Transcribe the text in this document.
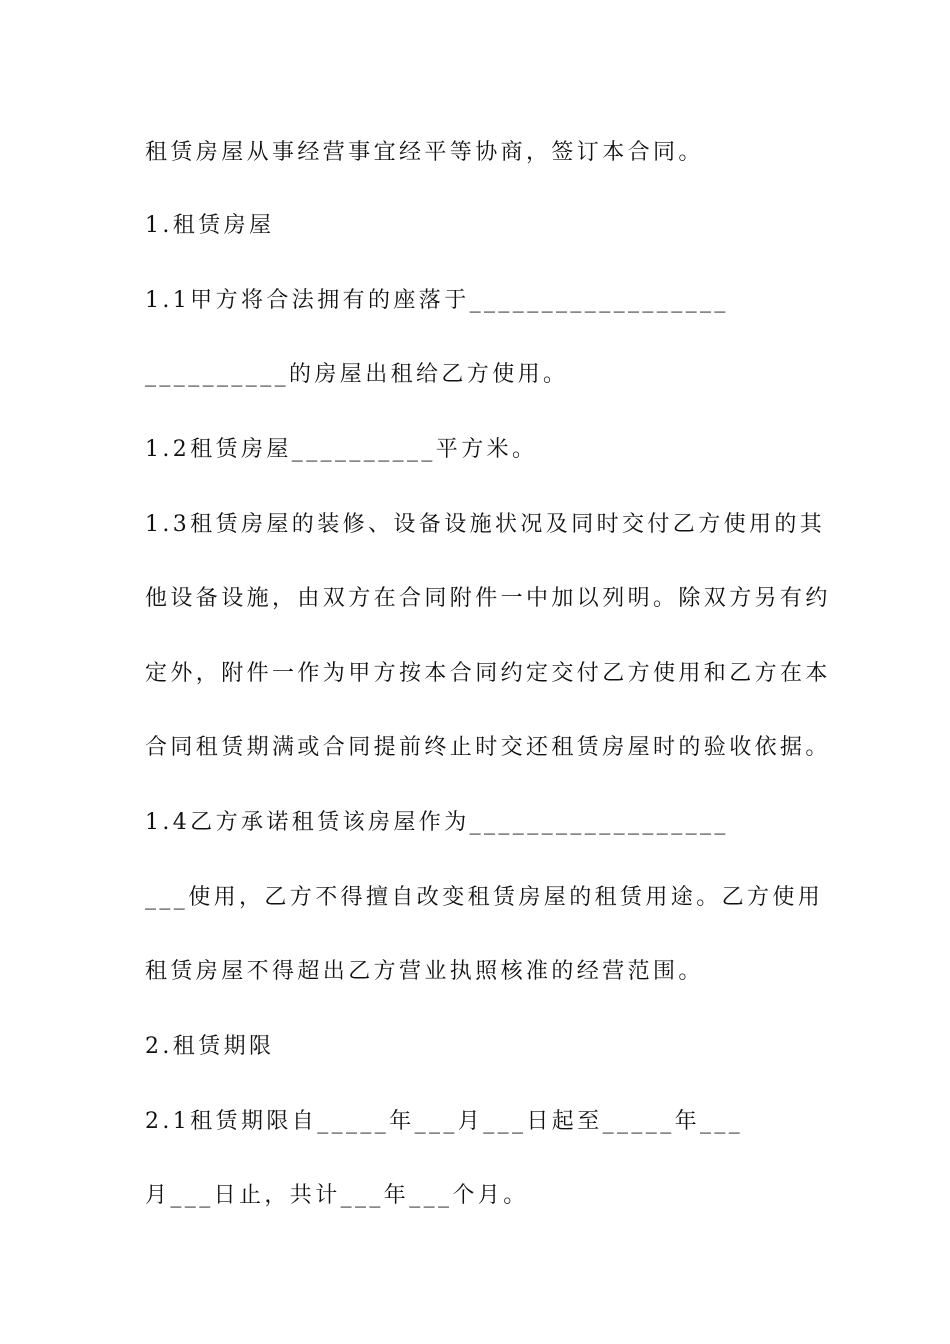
租赁房屋从事经营事宜经平等协商，签订本合同。
1.租赁房屋
1.1甲方将合法拥有的座落于__________________
__________的房屋出租给乙方使用。
1.2租赁房屋__________平方米。
1.3租赁房屋的装修、设备设施状况及同时交付乙方使用的其
他设备设施，由双方在合同附件一中加以列明。除双方另有约
定外，附件一作为甲方按本合同约定交付乙方使用和乙方在本
合同租赁期满或合同提前终止时交还租赁房屋时的验收依据。
1.4乙方承诺租赁该房屋作为__________________
___使用，乙方不得擅自改变租赁房屋的租赁用途。乙方使用
租赁房屋不得超出乙方营业执照核准的经营范围。
2.租赁期限
2.1租赁期限自_____年___月___日起至_____年___
月___日止，共计___年___个月。
